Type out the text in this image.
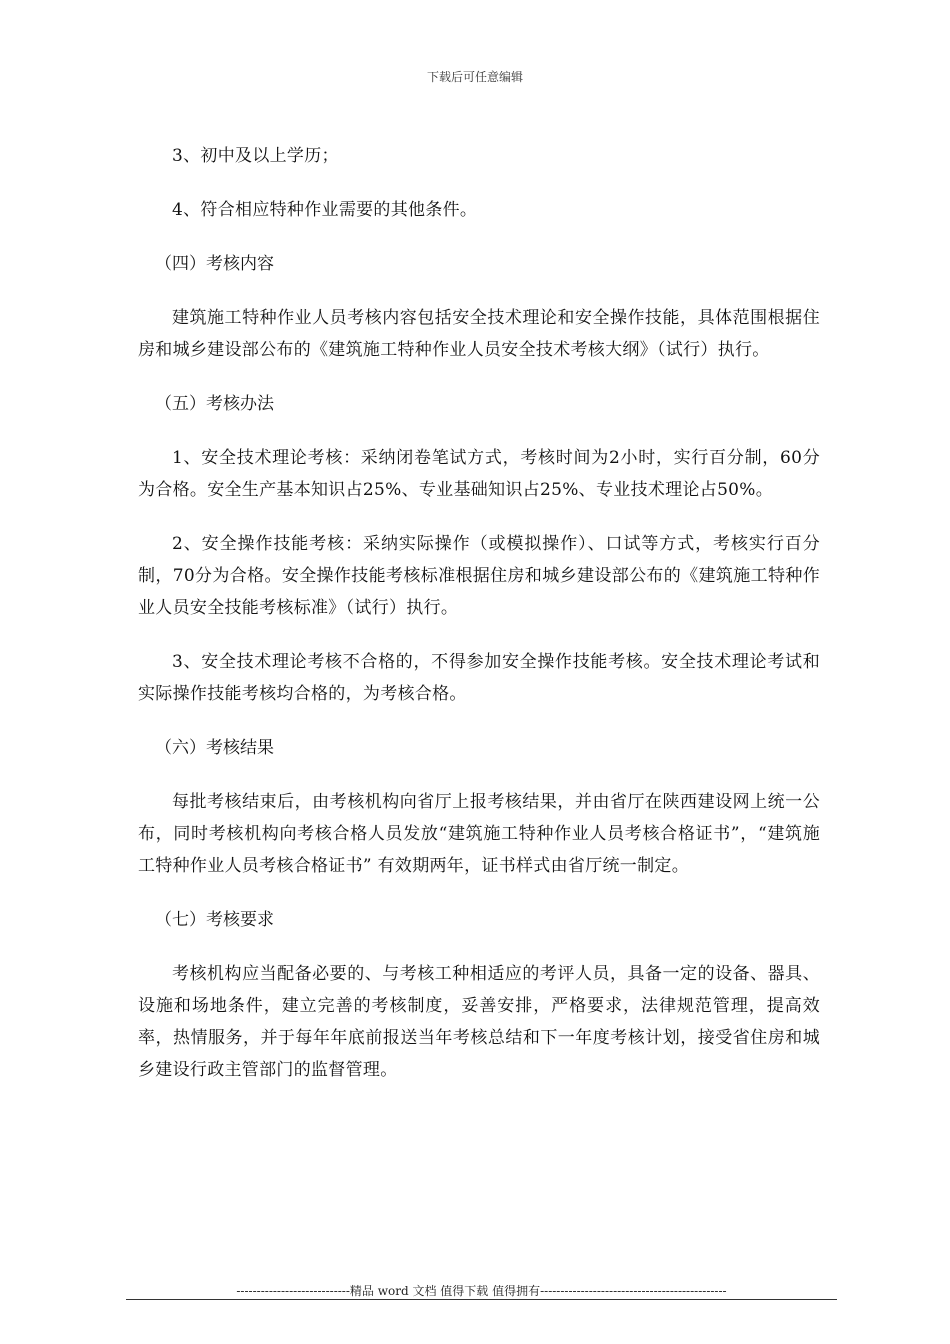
下载后可任意编辑

3、初中及以上学历；

4、符合相应特种作业需要的其他条件。

（四）考核内容

建筑施工特种作业人员考核内容包括安全技术理论和安全操作技能，具体范围根据住房和城乡建设部公布的《建筑施工特种作业人员安全技术考核大纲》（试行）执行。

（五）考核办法

1、安全技术理论考核：采纳闭卷笔试方式，考核时间为2小时，实行百分制，60分为合格。安全生产基本知识占25%、专业基础知识占25%、专业技术理论占50%。

2、安全操作技能考核：采纳实际操作（或模拟操作）、口试等方式，考核实行百分制，70分为合格。安全操作技能考核标准根据住房和城乡建设部公布的《建筑施工特种作业人员安全技能考核标准》（试行）执行。

3、安全技术理论考核不合格的，不得参加安全操作技能考核。安全技术理论考试和实际操作技能考核均合格的，为考核合格。

（六）考核结果

每批考核结束后，由考核机构向省厅上报考核结果，并由省厅在陕西建设网上统一公布，同时考核机构向考核合格人员发放“建筑施工特种作业人员考核合格证书”，“建筑施工特种作业人员考核合格证书” 有效期两年，证书样式由省厅统一制定。

（七）考核要求

考核机构应当配备必要的、与考核工种相适应的考评人员，具备一定的设备、器具、设施和场地条件，建立完善的考核制度，妥善安排，严格要求，法律规范管理，提高效率，热情服务，并于每年年底前报送当年考核总结和下一年度考核计划，接受省住房和城乡建设行政主管部门的监督管理。

----------------------------精品 word 文档 值得下载 值得拥有----------------------------------------------
